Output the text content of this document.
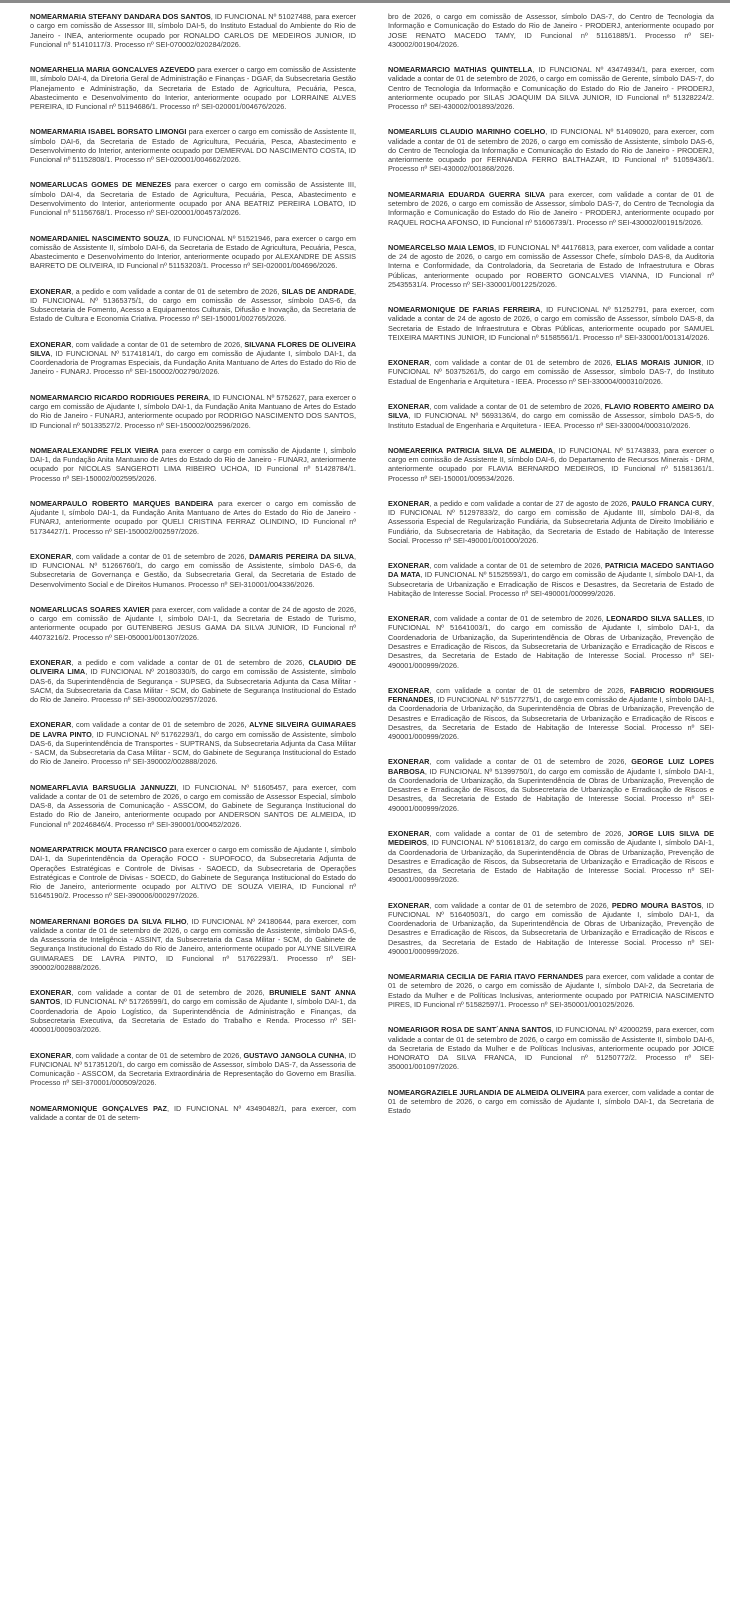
NOMEARMARIA STEFANY DANDARA DOS SANTOS, ID FUNCIONAL Nº 51027488, para exercer o cargo em comissão de Assessor III, símbolo DAI-5, do Instituto Estadual do Ambiente do Rio de Janeiro - INEA, anteriormente ocupado por RONALDO CARLOS DE MEDEIROS JUNIOR, ID Funcional nº 51410117/3. Processo nº SEI-070002/020284/2026.

NOMEARHELIA MARIA GONCALVES AZEVEDO para exercer o cargo em comissão de Assistente III, símbolo DAI-4, da Diretoria Geral de Administração e Finanças - DGAF, da Subsecretaria Gestão Planejamento e Administração, da Secretaria de Estado de Agricultura, Pecuária, Pesca, Abastecimento e Desenvolvimento do Interior, anteriormente ocupado por LORRAINE ALVES PEREIRA, ID Funcional nº 51194686/1. Processo nº SEI-020001/004676/2026.

NOMEARMARIA ISABEL BORSATO LIMONGI para exercer o cargo em comissão de Assistente II, símbolo DAI-6, da Secretaria de Estado de Agricultura, Pecuária, Pesca, Abastecimento e Desenvolvimento do Interior, anteriormente ocupado por DEMERVAL DO NASCIMENTO COSTA, ID Funcional nº 51152808/1. Processo nº SEI-020001/004662/2026.

NOMEARLUCAS GOMES DE MENEZES para exercer o cargo em comissão de Assistente III, símbolo DAI-4, da Secretaria de Estado de Agricultura, Pecuária, Pesca, Abastecimento e Desenvolvimento do Interior, anteriormente ocupado por ANA BEATRIZ PEREIRA LOBATO, ID Funcional nº 51156768/1. Processo nº SEI-020001/004573/2026.

NOMEARDANIEL NASCIMENTO SOUZA, ID FUNCIONAL Nº 51521946, para exercer o cargo em comissão de Assistente II, símbolo DAI-6, da Secretaria de Estado de Agricultura, Pecuária, Pesca, Abastecimento e Desenvolvimento do Interior, anteriormente ocupado por ALEXANDRE DE ASSIS BARRETO DE OLIVEIRA, ID Funcional nº 51153203/1. Processo nº SEI-020001/004696/2026.

EXONERAR, a pedido e com validade a contar de 01 de setembro de 2026, SILAS DE ANDRADE, ID FUNCIONAL Nº 51365375/1, do cargo em comissão de Assessor, símbolo DAS-6, da Subsecretaria de Fomento, Acesso a Equipamentos Culturais, Difusão e Inovação, da Secretaria de Estado de Cultura e Economia Criativa. Processo nº SEI-150001/002765/2026.

EXONERAR, com validade a contar de 01 de setembro de 2026, SILVANA FLORES DE OLIVEIRA SILVA, ID FUNCIONAL Nº 51741814/1, do cargo em comissão de Ajudante I, símbolo DAI-1, da Coordenadoria de Programas Especiais, da Fundação Anita Mantuano de Artes do Estado do Rio de Janeiro - FUNARJ. Processo nº SEI-150002/002790/2026.

NOMEARMARCIO RICARDO RODRIGUES PEREIRA, ID FUNCIONAL Nº 5752627, para exercer o cargo em comissão de Ajudante I, símbolo DAI-1, da Fundação Anita Mantuano de Artes do Estado do Rio de Janeiro - FUNARJ, anteriormente ocupado por RODRIGO NASCIMENTO DOS SANTOS, ID Funcional nº 50133527/2. Processo nº SEI-150002/002596/2026.

NOMEARALEXANDRE FELIX VIEIRA para exercer o cargo em comissão de Ajudante I, símbolo DAI-1, da Fundação Anita Mantuano de Artes do Estado do Rio de Janeiro - FUNARJ, anteriormente ocupado por NICOLAS SANGEROTI LIMA RIBEIRO UCHOA, ID Funcional nº 51428784/1. Processo nº SEI-150002/002595/2026.

NOMEARPAULO ROBERTO MARQUES BANDEIRA para exercer o cargo em comissão de Ajudante I, símbolo DAI-1, da Fundação Anita Mantuano de Artes do Estado do Rio de Janeiro - FUNARJ, anteriormente ocupado por QUELI CRISTINA FERRAZ OLINDINO, ID Funcional nº 51734427/1. Processo nº SEI-150002/002597/2026.

EXONERAR, com validade a contar de 01 de setembro de 2026, DAMARIS PEREIRA DA SILVA, ID FUNCIONAL Nº 51266760/1, do cargo em comissão de Assistente, símbolo DAS-6, da Subsecretaria de Governança e Gestão, da Subsecretaria Geral, da Secretaria de Estado de Desenvolvimento Social e de Direitos Humanos. Processo nº SEI-310001/004336/2026.

NOMEARLUCAS SOARES XAVIER para exercer, com validade a contar de 24 de agosto de 2026, o cargo em comissão de Ajudante I, símbolo DAI-1, da Secretaria de Estado de Turismo, anteriormente ocupado por GUTENBERG JESUS GAMA DA SILVA JUNIOR, ID Funcional nº 44073216/2. Processo nº SEI-050001/001307/2026.

EXONERAR, a pedido e com validade a contar de 01 de setembro de 2026, CLAUDIO DE OLIVEIRA LIMA, ID FUNCIONAL Nº 20180330/5, do cargo em comissão de Assistente, símbolo DAS-6, da Superintendência de Segurança - SUPSEG, da Subsecretaria Adjunta da Casa Militar - SACM, da Subsecretaria da Casa Militar - SCM, do Gabinete de Segurança Institucional do Estado do Rio de Janeiro. Processo nº SEI-390002/002957/2026.

EXONERAR, com validade a contar de 01 de setembro de 2026, ALYNE SILVEIRA GUIMARAES DE LAVRA PINTO, ID FUNCIONAL Nº 51762293/1, do cargo em comissão de Assistente, símbolo DAS-6, da Superintendência de Transportes - SUPTRANS, da Subsecretaria Adjunta da Casa Militar - SACM, da Subsecretaria da Casa Militar - SCM, do Gabinete de Segurança Institucional do Estado do Rio de Janeiro. Processo nº SEI-390002/002888/2026.

NOMEARFLAVIA BARSUGLIA JANNUZZI, ID FUNCIONAL Nº 51605457, para exercer, com validade a contar de 01 de setembro de 2026, o cargo em comissão de Assessor Especial, símbolo DAS-8, da Assessoria de Comunicação - ASSCOM, do Gabinete de Segurança Institucional do Estado do Rio de Janeiro, anteriormente ocupado por ANDERSON SANTOS DE ALMEIDA, ID Funcional nº 20246846/4. Processo nº SEI-390001/000452/2026.

NOMEARPATRICK MOUTA FRANCISCO para exercer o cargo em comissão de Ajudante I, símbolo DAI-1, da Superintendência da Operação FOCO - SUPOFOCO, da Subsecretaria Adjunta de Operações Estratégicas e Controle de Divisas - SAOECD, da Subsecretaria de Operações Estratégicas e Controle de Divisas - SOECD, do Gabinete de Segurança Institucional do Estado do Rio de Janeiro, anteriormente ocupado por ALTIVO DE SOUZA VIEIRA, ID Funcional nº 51645190/2. Processo nº SEI-390006/000297/2026.

NOMEARERNANI BORGES DA SILVA FILHO, ID FUNCIONAL Nº 24180644, para exercer, com validade a contar de 01 de setembro de 2026, o cargo em comissão de Assistente, símbolo DAS-6, da Assessoria de Inteligência - ASSINT, da Subsecretaria da Casa Militar - SCM, do Gabinete de Segurança Institucional do Estado do Rio de Janeiro, anteriormente ocupado por ALYNE SILVEIRA GUIMARAES DE LAVRA PINTO, ID Funcional nº 51762293/1. Processo nº SEI-390002/002888/2026.

EXONERAR, com validade a contar de 01 de setembro de 2026, BRUNIELE SANT ANNA SANTOS, ID FUNCIONAL Nº 51726599/1, do cargo em comissão de Ajudante I, símbolo DAI-1, da Coordenadoria de Apoio Logístico, da Superintendência de Administração e Finanças, da Subsecretaria Executiva, da Secretaria de Estado do Trabalho e Renda. Processo nº SEI-400001/000903/2026.

EXONERAR, com validade a contar de 01 de setembro de 2026, GUSTAVO JANGOLA CUNHA, ID FUNCIONAL Nº 51735120/1, do cargo em comissão de Assessor, símbolo DAS-7, da Assessoria de Comunicação - ASSCOM, da Secretaria Extraordinária de Representação do Governo em Brasília. Processo nº SEI-370001/000509/2026.

NOMEARMONIQUE GONÇALVES PAZ, ID FUNCIONAL Nº 43490482/1, para exercer, com validade a contar de 01 de setem-

bro de 2026, o cargo em comissão de Assessor, símbolo DAS-7, do Centro de Tecnologia da Informação e Comunicação do Estado do Rio de Janeiro - PRODERJ, anteriormente ocupado por JOSE RENATO MACEDO TAMY, ID Funcional nº 51161885/1. Processo nº SEI-430002/001904/2026.

NOMEARMARCIO MATHIAS QUINTELLA, ID FUNCIONAL Nº 43474934/1, para exercer, com validade a contar de 01 de setembro de 2026, o cargo em comissão de Gerente, símbolo DAS-7, do Centro de Tecnologia da Informação e Comunicação do Estado do Rio de Janeiro - PRODERJ, anteriormente ocupado por SILAS JOAQUIM DA SILVA JUNIOR, ID Funcional nº 51328224/2. Processo nº SEI-430002/001893/2026.

NOMEARLUIS CLAUDIO MARINHO COELHO, ID FUNCIONAL Nº 51409020, para exercer, com validade a contar de 01 de setembro de 2026, o cargo em comissão de Assistente, símbolo DAS-6, do Centro de Tecnologia da Informação e Comunicação do Estado do Rio de Janeiro - PRODERJ, anteriormente ocupado por FERNANDA FERRO BALTHAZAR, ID Funcional nº 51059436/1. Processo nº SEI-430002/001868/2026.

NOMEARMARIA EDUARDA GUERRA SILVA para exercer, com validade a contar de 01 de setembro de 2026, o cargo em comissão de Assessor, símbolo DAS-7, do Centro de Tecnologia da Informação e Comunicação do Estado do Rio de Janeiro - PRODERJ, anteriormente ocupado por RAQUEL ROCHA AFONSO, ID Funcional nº 51606739/1. Processo nº SEI-430002/001915/2026.

NOMEARCELSO MAIA LEMOS, ID FUNCIONAL Nº 44176813, para exercer, com validade a contar de 24 de agosto de 2026, o cargo em comissão de Assessor Chefe, símbolo DAS-8, da Auditoria Interna e Conformidade, da Controladoria, da Secretaria de Estado de Infraestrutura e Obras Públicas, anteriormente ocupado por ROBERTO GONCALVES VIANNA, ID Funcional nº 25435531/4. Processo nº SEI-330001/001225/2026.

NOMEARMONIQUE DE FARIAS FERREIRA, ID FUNCIONAL Nº 51252791, para exercer, com validade a contar de 24 de agosto de 2026, o cargo em comissão de Assessor, símbolo DAS-8, da Secretaria de Estado de Infraestrutura e Obras Públicas, anteriormente ocupado por SAMUEL TEIXEIRA MARTINS JUNIOR, ID Funcional nº 51585561/1. Processo nº SEI-330001/001314/2026.

EXONERAR, com validade a contar de 01 de setembro de 2026, ELIAS MORAIS JUNIOR, ID FUNCIONAL Nº 50375261/5, do cargo em comissão de Assessor, símbolo DAS-7, do Instituto Estadual de Engenharia e Arquitetura - IEEA. Processo nº SEI-330004/000310/2026.

EXONERAR, com validade a contar de 01 de setembro de 2026, FLAVIO ROBERTO AMEIRO DA SILVA, ID FUNCIONAL Nº 5693136/4, do cargo em comissão de Assessor, símbolo DAS-5, do Instituto Estadual de Engenharia e Arquitetura - IEEA. Processo nº SEI-330004/000310/2026.

NOMEARERIKA PATRICIA SILVA DE ALMEIDA, ID FUNCIONAL Nº 51743833, para exercer o cargo em comissão de Assistente II, símbolo DAI-6, do Departamento de Recursos Minerais - DRM, anteriormente ocupado por FLAVIA BERNARDO MEDEIROS, ID Funcional nº 51581361/1. Processo nº SEI-150001/009534/2026.

EXONERAR, a pedido e com validade a contar de 27 de agosto de 2026, PAULO FRANCA CURY, ID FUNCIONAL Nº 51297833/2, do cargo em comissão de Ajudante III, símbolo DAI-8, da Assessoria Especial de Regularização Fundiária, da Subsecretaria Adjunta de Direito Imobiliário e Fundiário, da Subsecretaria de Habitação, da Secretaria de Estado de Habitação de Interesse Social. Processo nº SEI-490001/001000/2026.

EXONERAR, com validade a contar de 01 de setembro de 2026, PATRICIA MACEDO SANTIAGO DA MATA, ID FUNCIONAL Nº 51525593/1, do cargo em comissão de Ajudante I, símbolo DAI-1, da Subsecretaria de Urbanização e Erradicação de Riscos e Desastres, da Secretaria de Estado de Habitação de Interesse Social. Processo nº SEI-490001/000999/2026.

EXONERAR, com validade a contar de 01 de setembro de 2026, LEONARDO SILVA SALLES, ID FUNCIONAL Nº 51641003/1, do cargo em comissão de Ajudante I, símbolo DAI-1, da Coordenadoria de Urbanização, da Superintendência de Obras de Urbanização, Prevenção de Desastres e Erradicação de Riscos, da Subsecretaria de Urbanização e Erradicação de Riscos e Desastres, da Secretaria de Estado de Habitação de Interesse Social. Processo nº SEI-490001/000999/2026.

EXONERAR, com validade a contar de 01 de setembro de 2026, FABRICIO RODRIGUES FERNANDES, ID FUNCIONAL Nº 51577275/1, do cargo em comissão de Ajudante I, símbolo DAI-1, da Coordenadoria de Urbanização, da Superintendência de Obras de Urbanização, Prevenção de Desastres e Erradicação de Riscos, da Subsecretaria de Urbanização e Erradicação de Riscos e Desastres, da Secretaria de Estado de Habitação de Interesse Social. Processo nº SEI-490001/000999/2026.

EXONERAR, com validade a contar de 01 de setembro de 2026, GEORGE LUIZ LOPES BARBOSA, ID FUNCIONAL Nº 51399750/1, do cargo em comissão de Ajudante I, símbolo DAI-1, da Coordenadoria de Urbanização, da Superintendência de Obras de Urbanização, Prevenção de Desastres e Erradicação de Riscos, da Subsecretaria de Urbanização e Erradicação de Riscos e Desastres, da Secretaria de Estado de Habitação de Interesse Social. Processo nº SEI-490001/000999/2026.

EXONERAR, com validade a contar de 01 de setembro de 2026, JORGE LUIS SILVA DE MEDEIROS, ID FUNCIONAL Nº 51061813/2, do cargo em comissão de Ajudante I, símbolo DAI-1, da Coordenadoria de Urbanização, da Superintendência de Obras de Urbanização, Prevenção de Desastres e Erradicação de Riscos, da Subsecretaria de Urbanização e Erradicação de Riscos e Desastres, da Secretaria de Estado de Habitação de Interesse Social. Processo nº SEI-490001/000999/2026.

EXONERAR, com validade a contar de 01 de setembro de 2026, PEDRO MOURA BASTOS, ID FUNCIONAL Nº 51640503/1, do cargo em comissão de Ajudante I, símbolo DAI-1, da Coordenadoria de Urbanização, da Superintendência de Obras de Urbanização, Prevenção de Desastres e Erradicação de Riscos, da Subsecretaria de Urbanização e Erradicação de Riscos e Desastres, da Secretaria de Estado de Habitação de Interesse Social. Processo nº SEI-490001/000999/2026.

NOMEARMARIA CECILIA DE FARIA ITAVO FERNANDES para exercer, com validade a contar de 01 de setembro de 2026, o cargo em comissão de Ajudante I, símbolo DAI-2, da Secretaria de Estado da Mulher e de Políticas Inclusivas, anteriormente ocupado por PATRICIA NASCIMENTO PIRES, ID Funcional nº 51582597/1. Processo nº SEI-350001/001025/2026.

NOMEARIGOR ROSA DE SANT´ANNA SANTOS, ID FUNCIONAL Nº 42000259, para exercer, com validade a contar de 01 de setembro de 2026, o cargo em comissão de Assistente II, símbolo DAI-6, da Secretaria de Estado da Mulher e de Políticas Inclusivas, anteriormente ocupado por JOICE HONORATO DA SILVA FRANCA, ID Funcional nº 51250772/2. Processo nº SEI-350001/001097/2026.

NOMEARGRAZIELE JURLANDIA DE ALMEIDA OLIVEIRA para exercer, com validade a contar de 01 de setembro de 2026, o cargo em comissão de Ajudante I, símbolo DAI-1, da Secretaria de Estado
